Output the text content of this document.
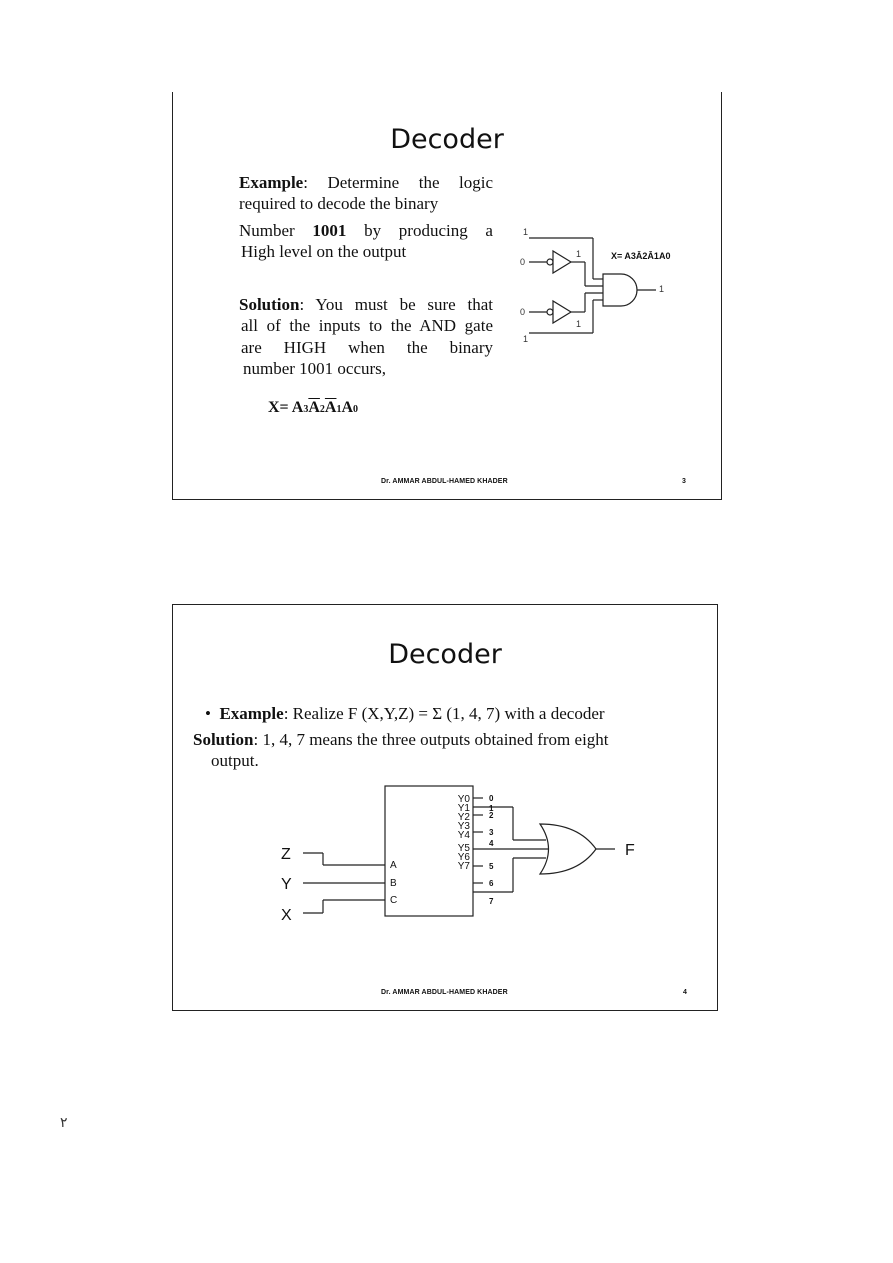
Decoder
Example: Determine the logic
required to decode the binary
Number 1001 by producing a
High level on the output
Solution: You must be sure that
all of the inputs to the AND gate
are HIGH when the binary
number 1001 occurs,
$X= A3\overline{A}2\overline{A}1A0$
1
0
1
0
1
1
1
X= A3Ā2Ā1A0
Dr. AMMAR ABDUL-HAMED KHADER	3
Decoder
•  Example: Realize F (X,Y,Z) = Σ (1, 4, 7) with a decoder
Solution: 1, 4, 7 means the three outputs obtained from eight
output.
Z
Y
X
F
A
B
C
Y0
Y1
Y2
Y3
Y4
Y5
Y6
Y7
0
1
2
3
4
5
6
7
Dr. AMMAR ABDUL-HAMED KHADER	4
٢
